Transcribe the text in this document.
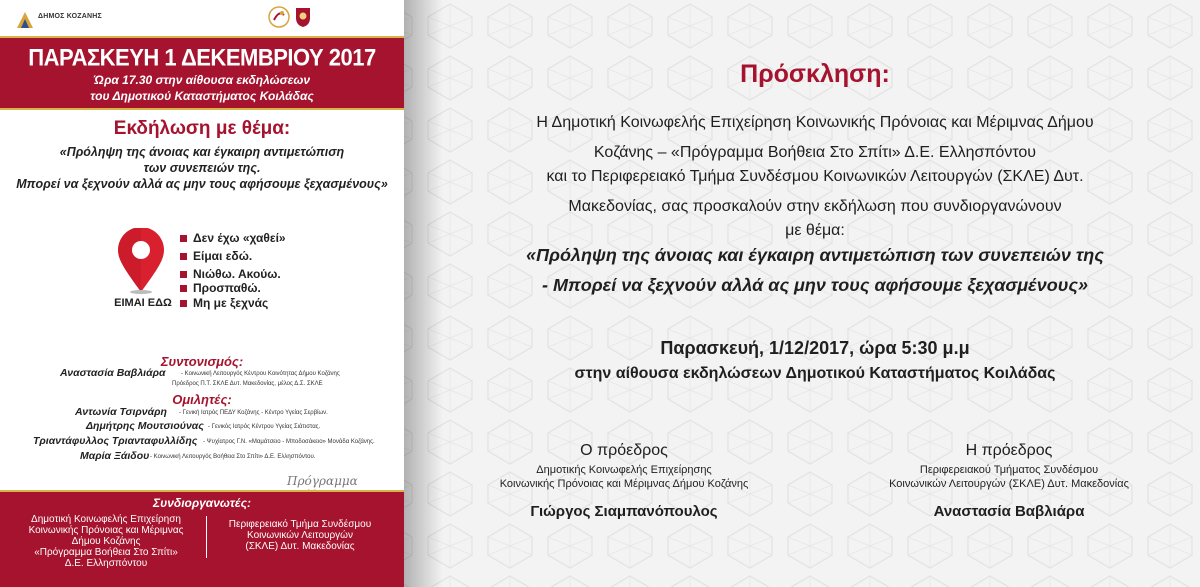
ΔΗΜΟΣ ΚΟΖΑΝΗΣ
ΠΑΡΑΣΚΕΥΗ 1 ΔΕΚΕΜΒΡΙΟΥ 2017
Ώρα 17.30 στην αίθουσα εκδηλώσεων
του Δημοτικού Καταστήματος Κοιλάδας
Εκδήλωση με θέμα:
«Πρόληψη της άνοιας και έγκαιρη αντιμετώπιση
των συνεπειών της.
Μπορεί να ξεχνούν αλλά ας μην τους αφήσουμε ξεχασμένους»
ΕΙΜΑΙ ΕΔΩ
Δεν έχω «χαθεί»
Είμαι εδώ.
Νιώθω. Ακούω.
Προσπαθώ.
Μη με ξεχνάς
Συντονισμός:
Αναστασία Βαβλιάρα	- Κοινωνική Λειτουργός Κέντρου Κοινότητας Δήμου Κοζάνης
Πρόεδρος Π.Τ. ΣΚΛΕ Δυτ. Μακεδονίας, μέλος Δ.Σ. ΣΚΛΕ
Ομιλητές:
Αντωνία Τσιρνάρη - Γενική Ιατρός ΠΕΔΥ Κοζάνης - Κέντρο Υγείας Σερβίων.
Δημήτρης Μουτσιούνας - Γενικός Ιατρός Κέντρου Υγείας Σιάτιστας.
Τριαντάφυλλος Τριανταφυλλίδης - Ψυχίατρος Γ.Ν. «Μαμάτσειο - Μποδοσάκειο» Μονάδα Κοζάνης.
Μαρία Ξάιδου - Κοινωνική Λειτουργός Βοήθεια Στο Σπίτι» Δ.Ε. Ελλησπόντου.
Πρόγραμμα
Συνδιοργανωτές:
Δημοτική Κοινωφελής Επιχείρηση
Κοινωνικής Πρόνοιας και Μέριμνας
Δήμου Κοζάνης
«Πρόγραμμα Βοήθεια Στο Σπίτι»
Δ.Ε. Ελλησπόντου
Περιφερειακό Τμήμα Συνδέσμου
Κοινωνικών Λειτουργών
(ΣΚΛΕ) Δυτ. Μακεδονίας
Πρόσκληση:
Η Δημοτική Κοινωφελής Επιχείρηση Κοινωνικής Πρόνοιας και Μέριμνας Δήμου
Κοζάνης – «Πρόγραμμα Βοήθεια Στο Σπίτι» Δ.Ε. Ελλησπόντου
και το Περιφερειακό Τμήμα Συνδέσμου Κοινωνικών Λειτουργών (ΣΚΛΕ) Δυτ.
Μακεδονίας, σας προσκαλούν στην εκδήλωση που συνδιοργανώνουν
με θέμα:
«Πρόληψη της άνοιας και έγκαιρη αντιμετώπιση των συνεπειών της
- Μπορεί να ξεχνούν αλλά ας μην τους αφήσουμε ξεχασμένους»
Παρασκευή, 1/12/2017, ώρα 5:30 μ.μ
στην αίθουσα εκδηλώσεων Δημοτικού Καταστήματος Κοιλάδας
Ο πρόεδρος
Δημοτικής Κοινωφελής Επιχείρησης
Κοινωνικής Πρόνοιας και Μέριμνας Δήμου Κοζάνης
Γιώργος Σιαμπανόπουλος
Η πρόεδρος
Περιφερειακού Τμήματος Συνδέσμου
Κοινωνικών Λειτουργών (ΣΚΛΕ) Δυτ. Μακεδονίας
Αναστασία Βαβλιάρα
